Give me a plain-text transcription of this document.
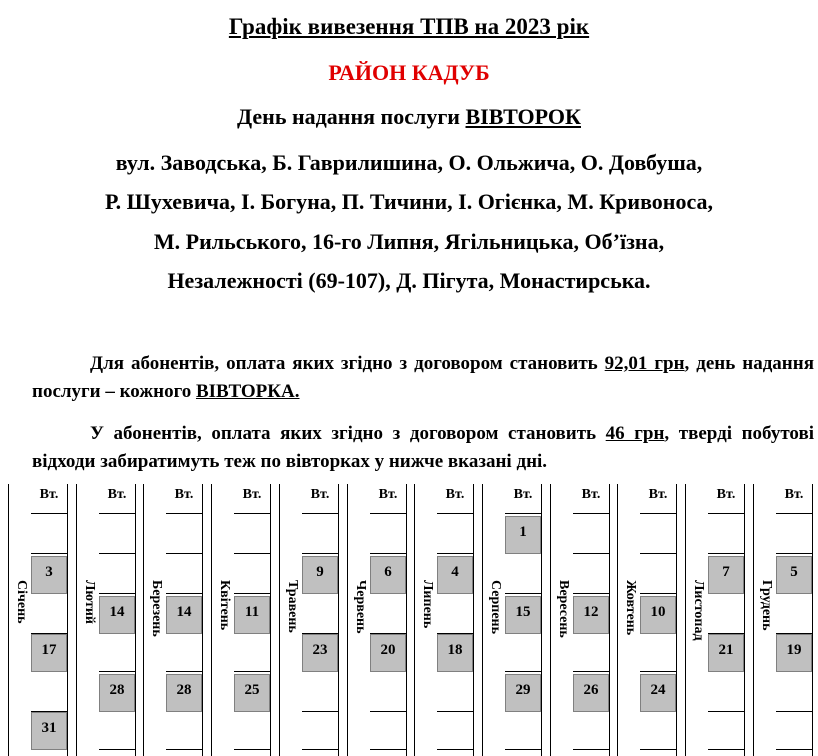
Графік вивезення ТПВ на 2023 рік
РАЙОН КАДУБ
День надання послуги ВІВТОРОК
вул. Заводська, Б. Гаврилишина, О. Ольжича, О. Довбуша,
Р. Шухевича, І. Богуна, П. Тичини, І. Огієнка, М. Кривоноса,
М. Рильського, 16-го Липня, Ягільницька, Об’їзна,
Незалежності (69-107), Д. Пігута, Монастирська.
Для абонентів, оплата яких згідно з договором становить 92,01 грн, день надання послуги – кожного ВІВТОРКА.
У абонентів, оплата яких згідно з договором становить 46 грн, тверді побутові відходи забиратимуть теж по вівторках у нижче вказані дні.
Січень
Вт.
3
17
31
Лютий
Вт.
14
28
Березень
Вт.
14
28
Квітень
Вт.
11
25
Травень
Вт.
9
23
Червень
Вт.
6
20
Липень
Вт.
4
18
Серпень
Вт.
1
15
29
Вересень
Вт.
12
26
Жовтень
Вт.
10
24
Листопад
Вт.
7
21
Грудень
Вт.
5
19
